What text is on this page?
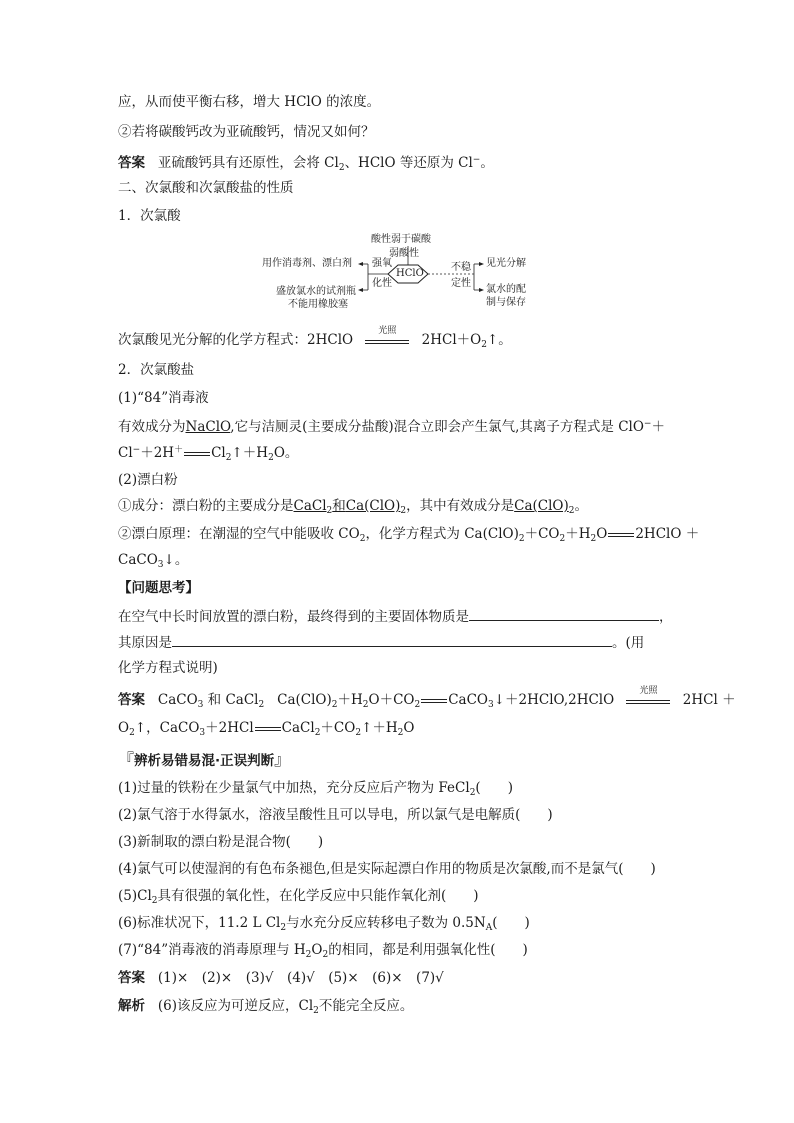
应，从而使平衡右移，增大 HClO 的浓度。
②若将碳酸钙改为亚硫酸钙，情况又如何？
答案 亚硫酸钙具有还原性，会将 $Cl_2$、HClO 等还原为 Cl−。
二、次氯酸和次氯酸盐的性质
1．次氯酸
酸性弱于碳酸
弱酸性
HClO
强氧
化性
不稳
定性
用作消毒剂、漂白剂
盛放氯水的试剂瓶
不能用橡胶塞
见光分解
氯水的配
制与保存
次氯酸见光分解的化学方程式：2HClO
光照
$2HCl+O_2↑$。
2．次氯酸盐
(1)“84”消毒液
有效成分为NaClO,它与洁厕灵(主要成分盐酸)混合立即会产生氯气,其离子方程式是 ClO−＋
Cl−＋2H＋ $Cl_2↑+H_2O$。
(2)漂白粉
①成分：漂白粉的主要成分是CaCl$_2$和$Ca(ClO)_2$，其中有效成分是$Ca(ClO)_2$。
②漂白原理：在潮湿的空气中能吸收 $CO_2$，化学方程式为 $Ca(ClO)_2+CO_2+H_2O$ 2HClO ＋
CaCO$_3$↓。
【问题思考】
在空气中长时间放置的漂白粉，最终得到的主要固体物质是	，
其原因是	。(用
化学方程式说明)
答案 CaCO$_3$ 和 CaCl$_2$ $Ca(ClO)_2+H_2O+CO_2$ CaCO$_3$↓＋2HClO,2HClO
光照
2HCl ＋
$O_2↑$，CaCO$_3$＋2HCl $CaCl_2+CO_2↑+H_2O$
『辨析易错易混·正误判断』
(1)过量的铁粉在少量氯气中加热，充分反应后产物为 FeCl$_2$(　　)
(2)氯气溶于水得氯水，溶液呈酸性且可以导电，所以氯气是电解质(　　)
(3)新制取的漂白粉是混合物(　　)
(4)氯气可以使湿润的有色布条褪色,但是实际起漂白作用的物质是次氯酸,而不是氯气(　　)
$(5)Cl_2$具有很强的氧化性，在化学反应中只能作氧化剂(　　)
(6)标准状况下，11.2 L $Cl_2$与水充分反应转移电子数为 $0.5N_A$(　　)
(7)“84”消毒液的消毒原理与 $H_2O_2$的相同，都是利用强氧化性(　　)
答案 (1)×　(2)×　(3)√　(4)√　(5)×　(6)×　(7)√
解析 (6)该反应为可逆反应，$Cl_2$不能完全反应。
